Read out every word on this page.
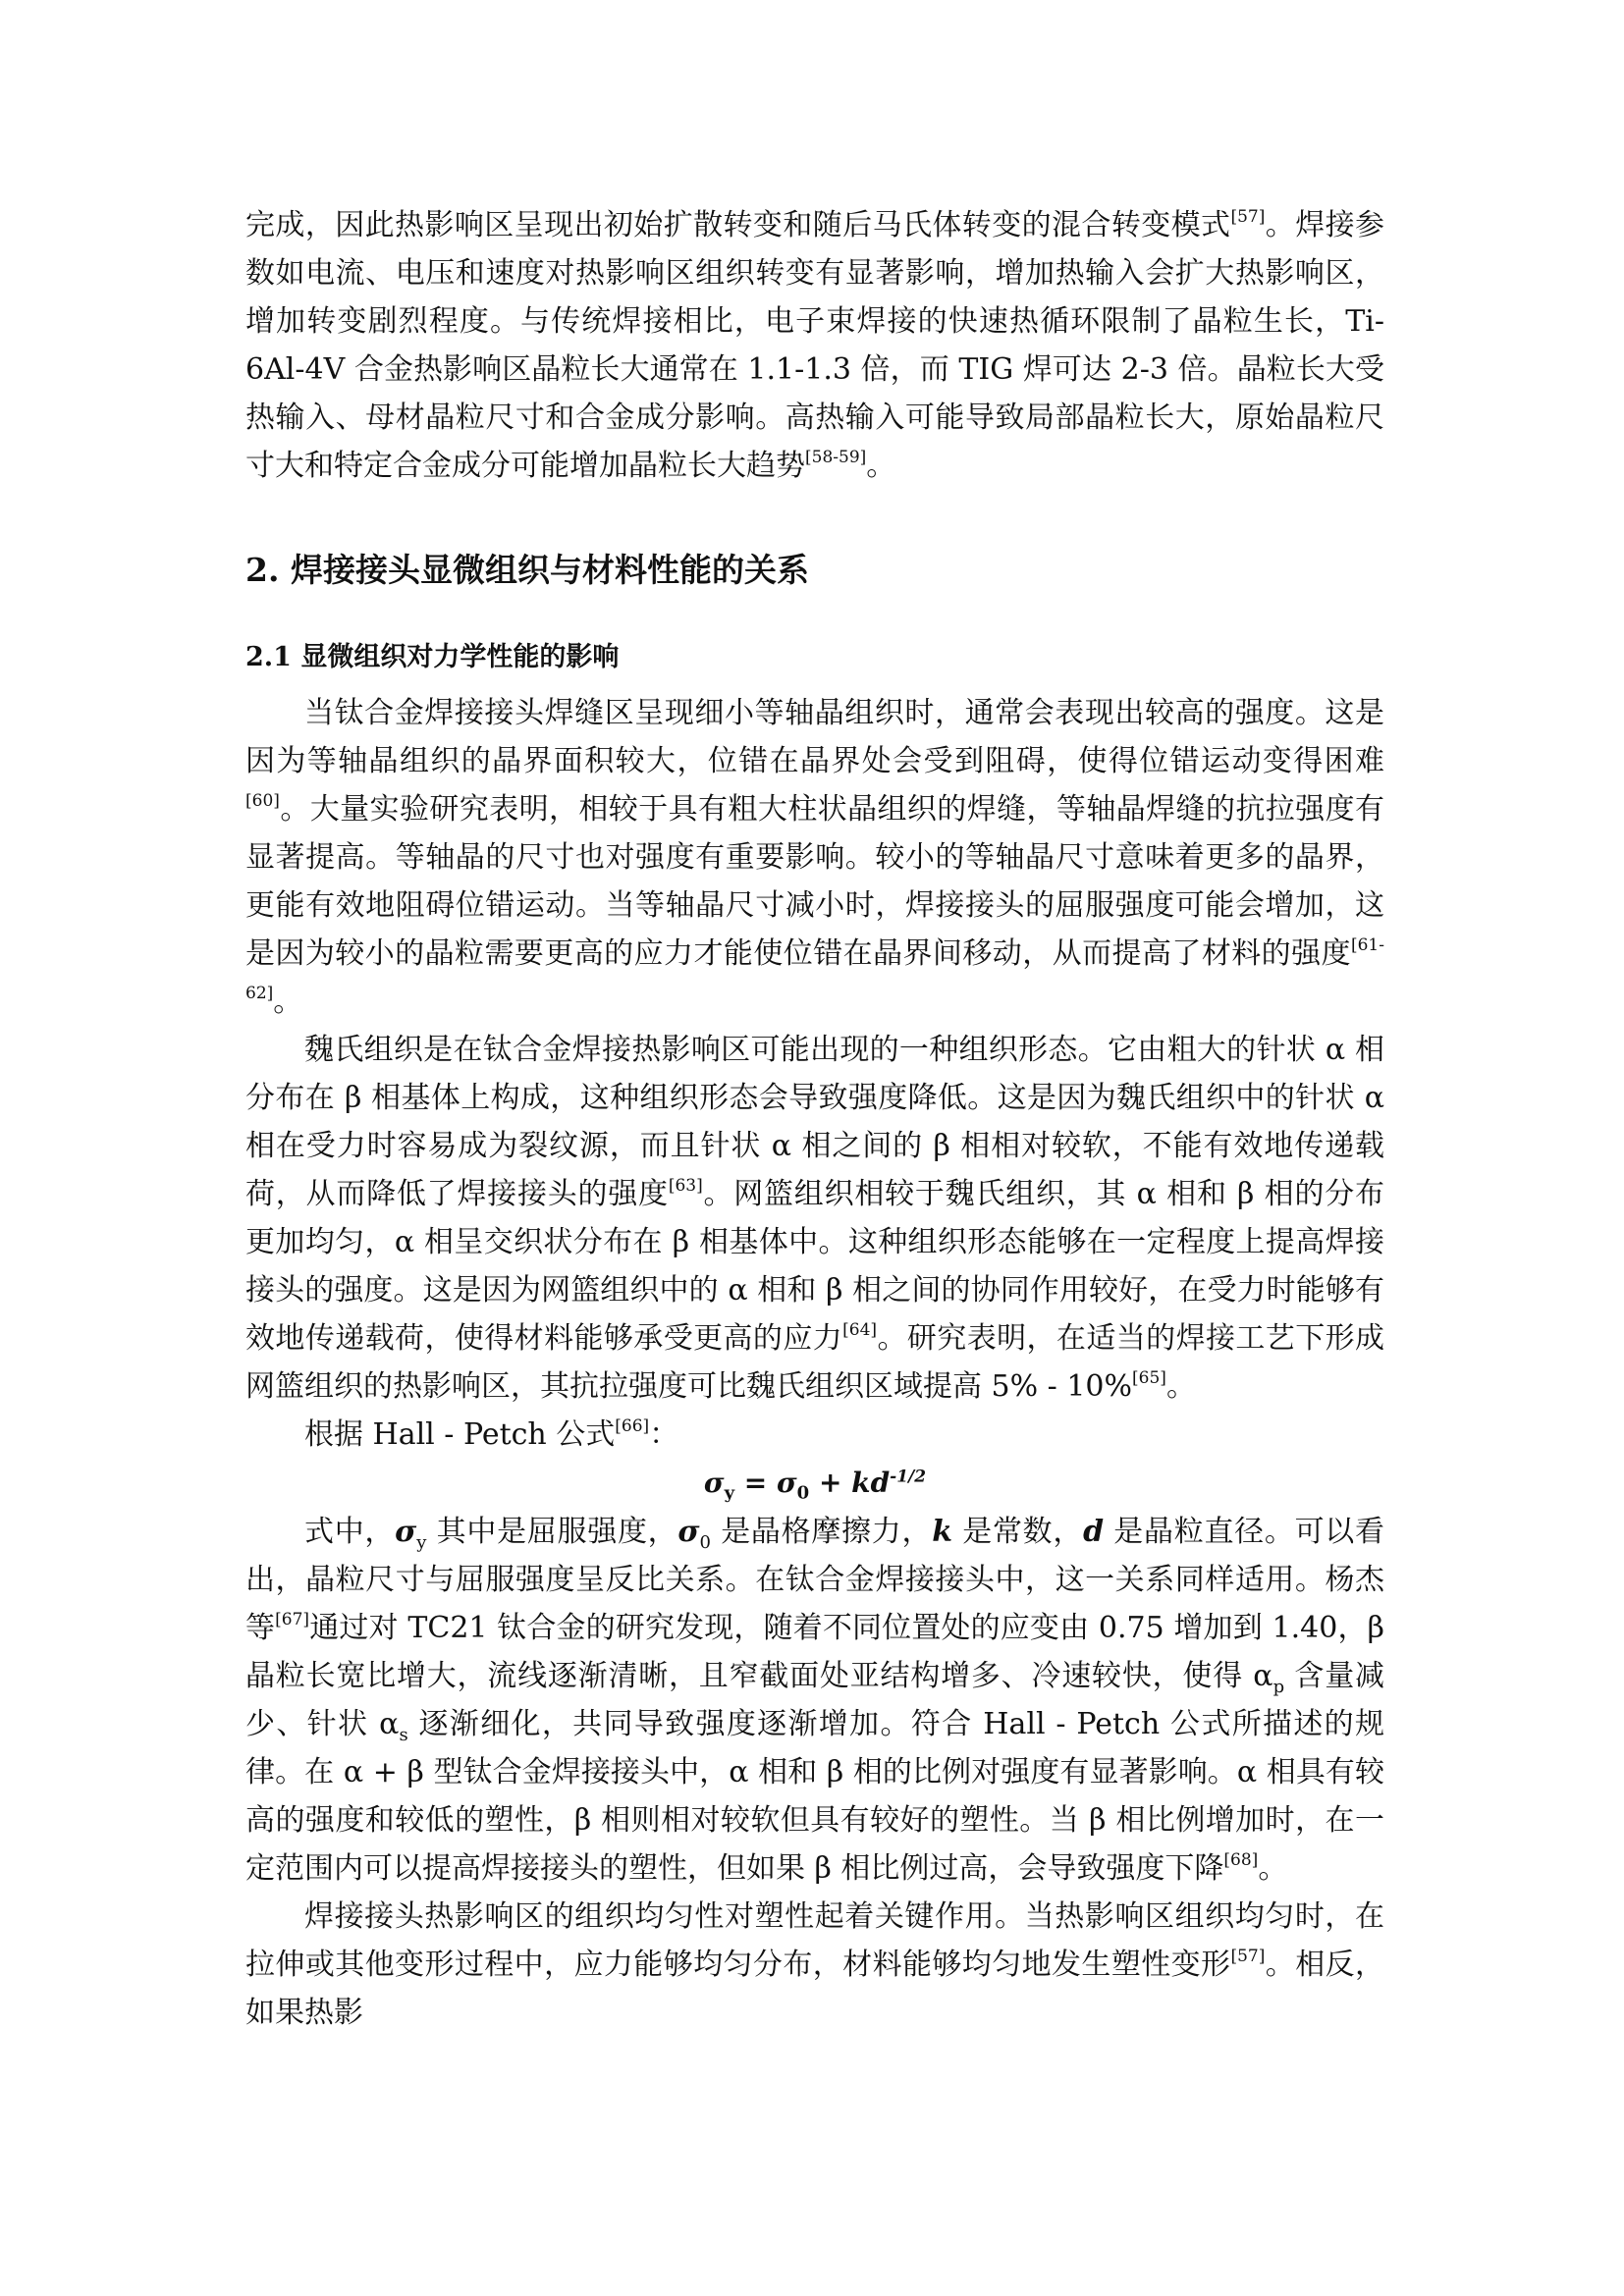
完成，因此热影响区呈现出初始扩散转变和随后马氏体转变的混合转变模式[57]。焊接参数如电流、电压和速度对热影响区组织转变有显著影响，增加热输入会扩大热影响区，增加转变剧烈程度。与传统焊接相比，电子束焊接的快速热循环限制了晶粒生长，Ti-6Al-4V 合金热影响区晶粒长大通常在 1.1-1.3 倍，而 TIG 焊可达 2-3 倍。晶粒长大受热输入、母材晶粒尺寸和合金成分影响。高热输入可能导致局部晶粒长大，原始晶粒尺寸大和特定合金成分可能增加晶粒长大趋势[58-59]。

2. 焊接接头显微组织与材料性能的关系
2.1 显微组织对力学性能的影响

当钛合金焊接接头焊缝区呈现细小等轴晶组织时，通常会表现出较高的强度。这是因为等轴晶组织的晶界面积较大，位错在晶界处会受到阻碍，使得位错运动变得困难[60]。大量实验研究表明，相较于具有粗大柱状晶组织的焊缝，等轴晶焊缝的抗拉强度有显著提高。等轴晶的尺寸也对强度有重要影响。较小的等轴晶尺寸意味着更多的晶界，更能有效地阻碍位错运动。当等轴晶尺寸减小时，焊接接头的屈服强度可能会增加，这是因为较小的晶粒需要更高的应力才能使位错在晶界间移动，从而提高了材料的强度[61-62]。

魏氏组织是在钛合金焊接热影响区可能出现的一种组织形态。它由粗大的针状 α 相分布在 β 相基体上构成，这种组织形态会导致强度降低。这是因为魏氏组织中的针状 α 相在受力时容易成为裂纹源，而且针状 α 相之间的 β 相相对较软，不能有效地传递载荷，从而降低了焊接接头的强度[63]。网篮组织相较于魏氏组织，其 α 相和 β 相的分布更加均匀，α 相呈交织状分布在 β 相基体中。这种组织形态能够在一定程度上提高焊接接头的强度。这是因为网篮组织中的 α 相和 β 相之间的协同作用较好，在受力时能够有效地传递载荷，使得材料能够承受更高的应力[64]。研究表明，在适当的焊接工艺下形成网篮组织的热影响区，其抗拉强度可比魏氏组织区域提高 5% - 10%[65]。

根据 Hall - Petch 公式[66]：

$\sigma_y = \sigma_0 + kd^{-1/2}$

式中，$\sigma_y$ 其中是屈服强度，$\sigma_0$ 是晶格摩擦力，k 是常数，d 是晶粒直径。可以看出，晶粒尺寸与屈服强度呈反比关系。在钛合金焊接接头中，这一关系同样适用。杨杰等[67]通过对 TC21 钛合金的研究发现，随着不同位置处的应变由 0.75 增加到 1.40，β 晶粒长宽比增大，流线逐渐清晰，且窄截面处亚结构增多、冷速较快，使得 $\alpha_p$ 含量减少、针状 $\alpha_s$ 逐渐细化，共同导致强度逐渐增加。符合 Hall - Petch 公式所描述的规律。在 α + β 型钛合金焊接接头中，α 相和 β 相的比例对强度有显著影响。α 相具有较高的强度和较低的塑性，β 相则相对较软但具有较好的塑性。当 β 相比例增加时，在一定范围内可以提高焊接接头的塑性，但如果 β 相比例过高，会导致强度下降[68]。

焊接接头热影响区的组织均匀性对塑性起着关键作用。当热影响区组织均匀时，在拉伸或其他变形过程中，应力能够均匀分布，材料能够均匀地发生塑性变形[57]。相反，如果热影
